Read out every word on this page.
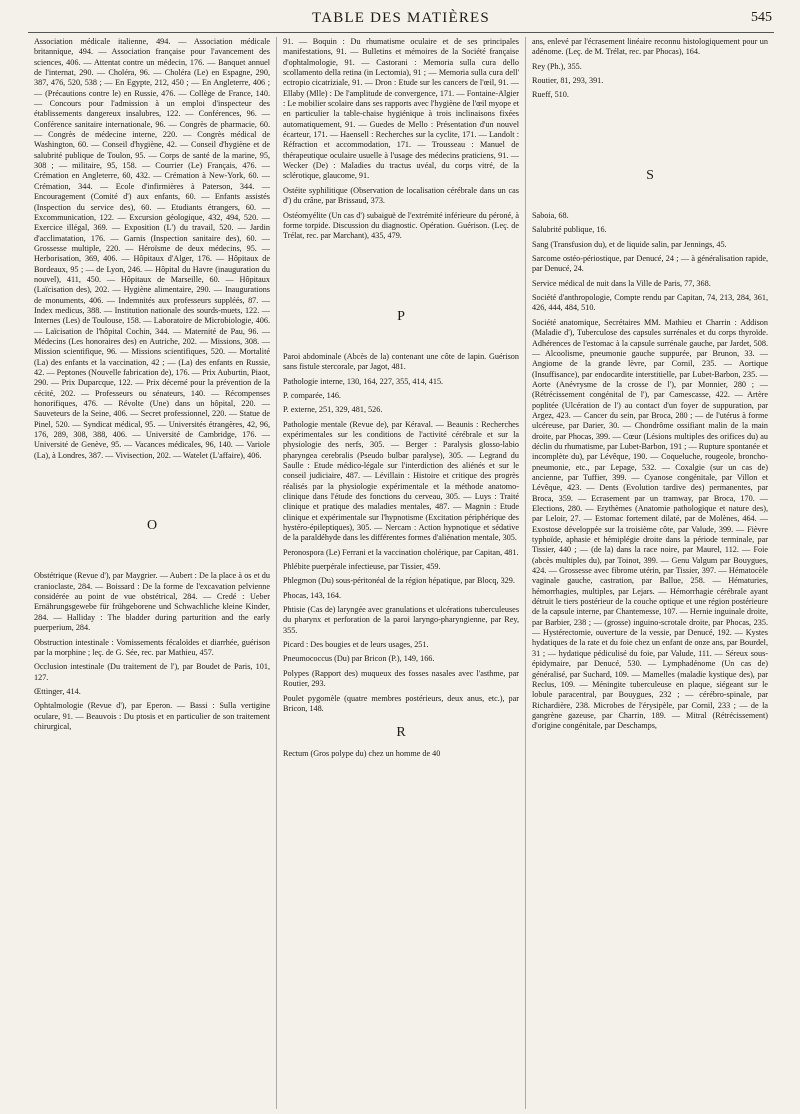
TABLE DES MATIÈRES	545

Association médicale italienne, 494. — Association médicale britannique, 494. — Association française pour l'avancement des sciences, 406. — Attentat contre un médecin, 176. — Banquet annuel de l'internat, 290. — Choléra, 96. — Choléra (Le) en Espagne, 290, 387, 476, 520, 538 ; — En Egypte, 212, 450 ; — En Angleterre, 406 ; — (Précautions contre le) en Russie, 476. — Collège de France, 140. — Concours pour l'admission à un emploi d'inspecteur des établissements dangereux insalubres, 122. — Conférences, 96. — Conférence sanitaire internationale, 96. — Congrès de pharmacie, 60. — Congrès de médecine interne, 220. — Congrès médical de Washington, 60. — Conseil d'hygiène, 42. — Conseil d'hygiène et de salubrité publique de Toulon, 95. — Corps de santé de la marine, 95, 308 ; — militaire, 95, 158. — Courrier (Le) Français, 476. — Crémation en Angleterre, 60, 432. — Crémation à New-York, 60. — Crémation, 344. — Ecole d'infirmières à Paterson, 344. — Encouragement (Comité d') aux enfants, 60. — Enfants assistés (Inspection du service des), 60. — Etudiants étrangers, 60. — Excommunication, 122. — Excursion géologique, 432, 494, 520. — Exercice illégal, 369. — Exposition (L') du travail, 520. — Jardin d'acclimatation, 176. — Garnis (Inspection sanitaire des), 60. — Grossesse multiple, 220. — Héroïsme de deux médecins, 95. — Herborisation, 369, 406. — Hôpitaux d'Alger, 176. — Hôpitaux de Bordeaux, 95 ; — de Lyon, 246. — Hôpital du Havre (inauguration du nouvel), 411, 450. — Hôpitaux de Marseille, 60. — Hôpitaux (Laïcisation des), 202. — Hygiène alimentaire, 290. — Inaugurations de monuments, 406. — Indemnités aux professeurs suppléés, 87. — Index medicus, 388. — Institution nationale des sourds-muets, 122. — Internes (Les) de Toulouse, 158. — Laboratoire de Microbiologie, 406. — Laïcisation de l'hôpital Cochin, 344. — Maternité de Pau, 96. — Médecins (Les honoraires des) en Autriche, 202. — Missions, 308. — Mission scientifique, 96. — Missions scientifiques, 520. — Mortalité (La) des enfants et la vaccination, 42 ; — (La) des enfants en Russie, 42. — Peptones (Nouvelle fabrication de), 176. — Prix Auburtin, Piaot, 290. — Prix Duparcque, 122. — Prix décerné pour la prévention de la cécité, 202. — Professeurs ou sénateurs, 140. — Récompenses honorifiques, 476. — Révolte (Une) dans un hôpital, 220. — Sauveteurs de la Seine, 406. — Secret professionnel, 220. — Statue de Pinel, 520. — Syndicat médical, 95. — Universités étrangères, 42, 96, 176, 289, 308, 388, 406. — Université de Cambridge, 176. — Université de Genève, 95. — Vacances médicales, 96, 140. — Variole (La), à Londres, 387. — Vivisection, 202. — Watelet (L'affaire), 406.

O

Obstétrique (Revue d'), par Maygrier. — Aubert : De la place à os et du cranioclaste, 284. — Boissard : De la forme de l'excavation pelvienne considérée au point de vue obstétrical, 284. — Credé : Ueber Ernährungsgewebe für frühgeborene und Schwachliche kleine Kinder, 284. — Halliday : The bladder during parturition and the early puerperium, 284.

Obstruction intestinale : Vomissements fécaloïdes et diarrhée, guérison par la morphine ; leç. de G. Sée, rec. par Mathieu, 457.

Occlusion intestinale (Du traitement de l'), par Boudet de Paris, 101, 127.

Œttinger, 414.

Ophtalmologie (Revue d'), par Eperon. — Bassi : Sulla vertigine oculare, 91. — Beauvois : Du ptosis et en particulier de son traitement chirurgical,

91. — Boquin : Du rhumatisme oculaire et de ses principales manifestations, 91. — Bulletins et mémoires de la Société française d'ophtalmologie, 91. — Castorani : Memoria sulla cura dello scollamento della retina (in Lectomia), 91 ; — Memoria sulla cura dell' ectropio cicatriziale, 91. — Dron : Etude sur les cancers de l'œil, 91. — Ellaby (Mlle) : De l'amplitude de convergence, 171. — Fontaine-Algier : Le mobilier scolaire dans ses rapports avec l'hygiène de l'œil myope et en particulier la table-chaise hygiénique à trois inclinaisons fixées automatiquement, 91. — Guedes de Mello : Présentation d'un nouvel écarteur, 171. — Haensell : Recherches sur la cyclite, 171. — Landolt : Réfraction et accommodation, 171. — Trousseau : Manuel de thérapeutique oculaire usuelle à l'usage des médecins praticiens, 91. — Wecker (De) : Maladies du tractus uvéal, du corps vitré, de la sclérotique, glaucome, 91.

Ostéite syphilitique (Observation de localisation cérébrale dans un cas d') du crâne, par Brissaud, 373.

Ostéomyélite (Un cas d') subaiguë de l'extrémité inférieure du péroné, à forme torpide. Discussion du diagnostic. Opération. Guérison. (Leç. de Trélat, rec. par Marchant), 435, 479.

P

Paroi abdominale (Abcès de la) contenant une côte de lapin. Guérison sans fistule stercorale, par Jagot, 481.

Pathologie interne, 130, 164, 227, 355, 414, 415.

P. comparée, 146.

P. externe, 251, 329, 481, 526.

Pathologie mentale (Revue de), par Kéraval. — Beaunis : Recherches expérimentales sur les conditions de l'activité cérébrale et sur la physiologie des nerfs, 305. — Berger : Paralysis glosso-labio pharyngea cerebralis (Pseudo bulbar paralyse), 305. — Legrand du Saulle : Etude médico-légale sur l'interdiction des aliénés et sur le conseil judiciaire, 487. — Lévillain : Histoire et critique des progrès réalisés par la physiologie expérimentale et la méthode anatomo-clinique dans l'étude des fonctions du cerveau, 305. — Luys : Traité clinique et pratique des maladies mentales, 487. — Magnin : Etude clinique et expérimentale sur l'hypnotisme (Excitation périphérique des hystéro-épileptiques), 305. — Nercam : Action hypnotique et sédative de la paraldéhyde dans les différentes formes d'aliénation mentale, 305.

Peronospora (Le) Ferrani et la vaccination cholérique, par Capitan, 481.

Phlébite puerpérale infectieuse, par Tissier, 459.

Phlegmon (Du) sous-péritonéal de la région hépatique, par Blocq, 329.

Phocas, 143, 164.

Phtisie (Cas de) laryngée avec granulations et ulcérations tuberculeuses du pharynx et perforation de la paroi laryngo-pharyngienne, par Rey, 355.

Picard : Des bougies et de leurs usages, 251.

Pneumococcus (Du) par Bricon (P.), 149, 166.

Polypes (Rapport des) muqueux des fosses nasales avec l'asthme, par Routier, 293.

Poulet pygomèle (quatre membres postérieurs, deux anus, etc.), par Bricon, 148.

R

Rectum (Gros polype du) chez un homme de 40

ans, enlevé par l'écrasement linéaire reconnu histologiquement pour un adénome. (Leç. de M. Trélat, rec. par Phocas), 164.

Rey (Ph.), 355.

Routier, 81, 293, 391.

Rueff, 510.

S

Saboia, 68.

Salubrité publique, 16.

Sang (Transfusion du), et de liquide salin, par Jennings, 45.

Sarcome ostéo-périostique, par Denucé, 24 ; — à généralisation rapide, par Denucé, 24.

Service médical de nuit dans la Ville de Paris, 77, 368.

Société d'anthropologie, Compte rendu par Capitan, 74, 213, 284, 361, 426, 444, 484, 510.

Société anatomique, Secrétaires MM. Mathieu et Charrin : Addison (Maladie d'), Tuberculose des capsules surrénales et du corps thyroïde. Adhérences de l'estomac à la capsule surrénale gauche, par Jardet, 508. — Alcoolisme, pneumonie gauche suppurée, par Brunon, 33. — Angiome de la grande lèvre, par Cornil, 235. — Aortique (Insuffisance), par endocardite interstitielle, par Lubet-Barbon, 235. — Aorte (Anévrysme de la crosse de l'), par Monnier, 280 ; — (Rétrécissement congénital de l'), par Camescasse, 422. — Artère poplitée (Ulcération de l') au contact d'un foyer de suppuration, par Argez, 423. — Cancer du sein, par Broca, 280 ; — de l'utérus à forme ulcéreuse, par Darier, 30. — Chondrôme ossifiant malin de la main droite, par Phocas, 399. — Cœur (Lésions multiples des orifices du) au déclin du rhumatisme, par Lubet-Barbon, 191 ; — Rupture spontanée et incomplète du), par Lévêque, 190. — Coqueluche, rougeole, broncho-pneumonie, etc., par Lepage, 532. — Coxalgie (sur un cas de) ancienne, par Tuffier, 399. — Cyanose congénitale, par Villon et Lévêque, 423. — Dents (Evolution tardive des) permanentes, par Broca, 359. — Ecrasement par un tramway, par Broca, 170. — Elections, 280. — Erythèmes (Anatomie pathologique et nature des), par Leloir, 27. — Estomac fortement dilaté, par de Molènes, 464. — Exostose développée sur la troisième côte, par Valude, 399. — Fièvre typhoïde, aphasie et hémiplégie droite dans la période terminale, par Tissier, 440 ; — (de la) dans la race noire, par Maurel, 112. — Foie (abcès multiples du), par Toinot, 399. — Genu Valgum par Bouygues, 424. — Grossesse avec fibrome utérin, par Tissier, 397. — Hématocèle vaginale gauche, castration, par Ballue, 258. — Hématuries, hémorrhagies, multiples, par Lejars. — Hémorrhagie cérébrale ayant détruit le tiers postérieur de la couche optique et une région postérieure de la capsule interne, par Chantemesse, 107. — Hernie inguinale droite, par Barbier, 238 ; — (grosse) inguino-scrotale droite, par Phocas, 235. — Hystérectomie, ouverture de la vessie, par Denucé, 192. — Kystes hydatiques de la rate et du foie chez un enfant de onze ans, par Bourdel, 31 ; — hydatique pédiculisé du foie, par Valude, 111. — Séreux sous-épidymaire, par Denucé, 530. — Lymphadénome (Un cas de) généralisé, par Suchard, 109. — Mamelles (maladie kystique des), par Reclus, 109. — Méningite tuberculeuse en plaque, siégeant sur le lobule paracentral, par Bouygues, 232 ; — cérébro-spinale, par Richardière, 238. Microbes de l'érysipèle, par Cornil, 233 ; — de la gangrène gazeuse, par Charrin, 189. — Mitral (Rétrécissement) d'origine congénitale, par Deschamps,
